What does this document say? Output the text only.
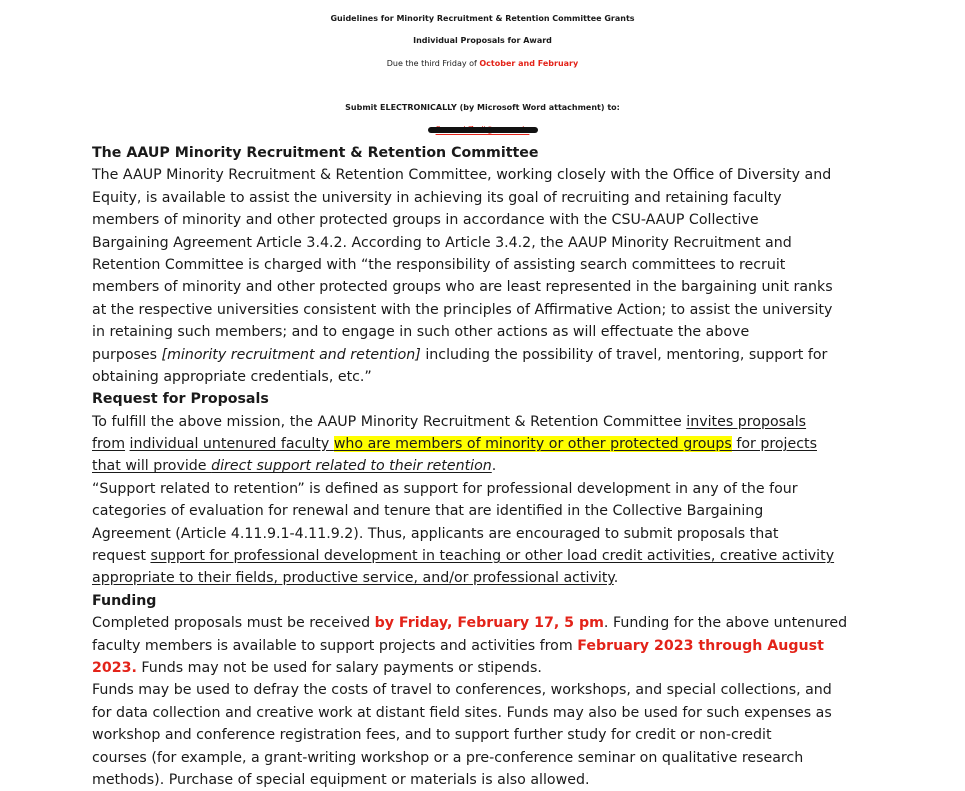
Guidelines for Minority Recruitment & Retention Committee Grants
Individual Proposals for Award
Due the third Friday of October and February
Submit ELECTRONICALLY (by Microsoft Word attachment) to:
The AAUP Minority Recruitment & Retention Committee
The AAUP Minority Recruitment & Retention Committee, working closely with the Office of Diversity and
Equity, is available to assist the university in achieving its goal of recruiting and retaining faculty
members of minority and other protected groups in accordance with the CSU-AAUP Collective
Bargaining Agreement Article 3.4.2. According to Article 3.4.2, the AAUP Minority Recruitment and
Retention Committee is charged with “the responsibility of assisting search committees to recruit
members of minority and other protected groups who are least represented in the bargaining unit ranks
at the respective universities consistent with the principles of Affirmative Action; to assist the university
in retaining such members; and to engage in such other actions as will effectuate the above
purposes [minority recruitment and retention] including the possibility of travel, mentoring, support for
obtaining appropriate credentials, etc.”
Request for Proposals
To fulfill the above mission, the AAUP Minority Recruitment & Retention Committee invites proposals
from individual untenured faculty who are members of minority or other protected groups for projects
that will provide direct support related to their retention.
“Support related to retention” is defined as support for professional development in any of the four
categories of evaluation for renewal and tenure that are identified in the Collective Bargaining
Agreement (Article 4.11.9.1-4.11.9.2). Thus, applicants are encouraged to submit proposals that
request support for professional development in teaching or other load credit activities, creative activity
appropriate to their fields, productive service, and/or professional activity.
Funding
Completed proposals must be received by Friday, February 17, 5 pm. Funding for the above untenured
faculty members is available to support projects and activities from February 2023 through August
2023. Funds may not be used for salary payments or stipends.
Funds may be used to defray the costs of travel to conferences, workshops, and special collections, and
for data collection and creative work at distant field sites. Funds may also be used for such expenses as
workshop and conference registration fees, and to support further study for credit or non-credit
courses (for example, a grant-writing workshop or a pre-conference seminar on qualitative research
methods). Purchase of special equipment or materials is also allowed.
